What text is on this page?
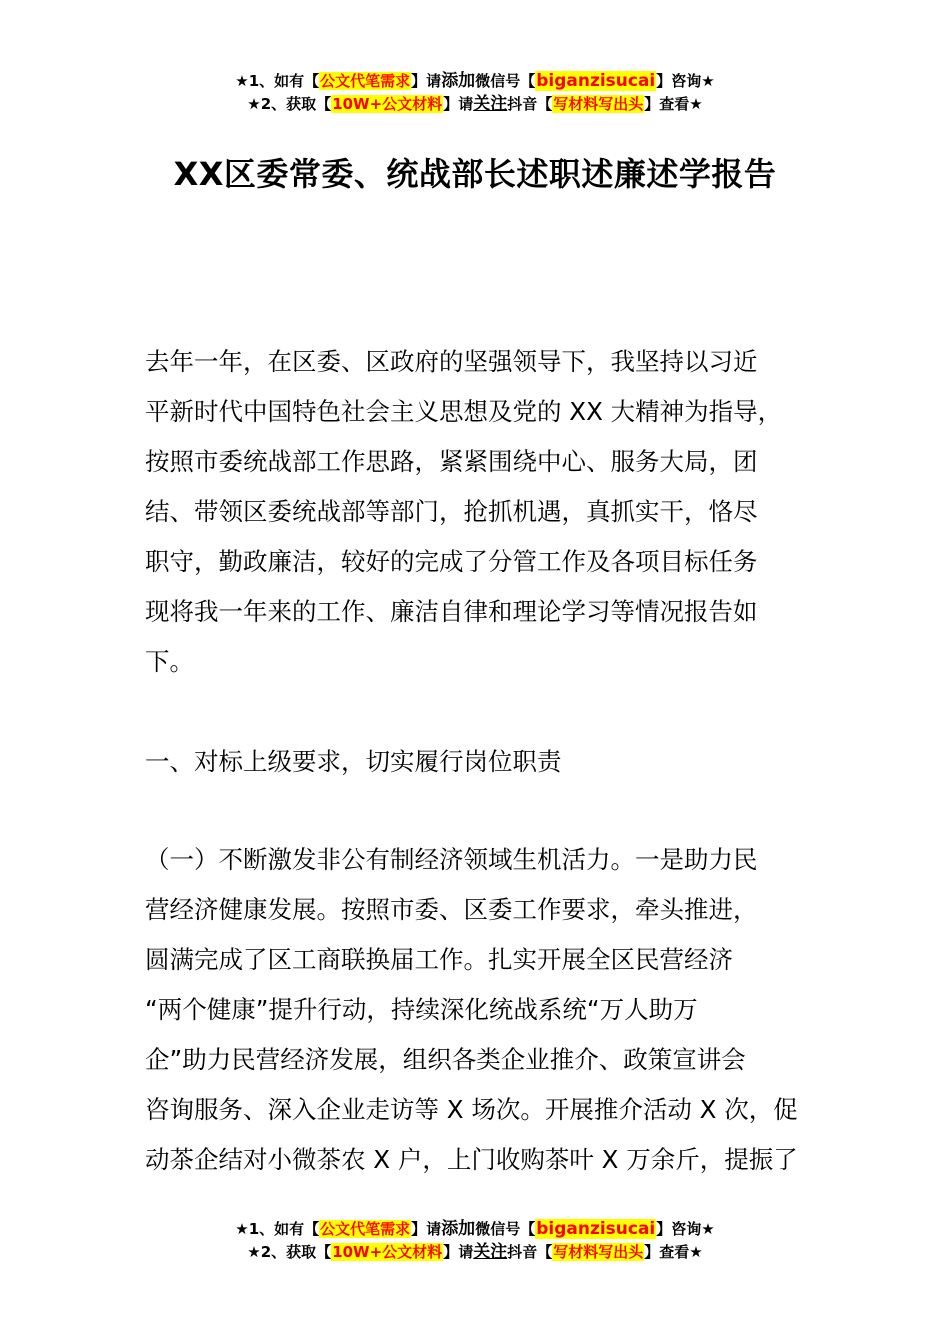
★1、如有【公文代笔需求】请添加微信号【biganzisucai】咨询★
★2、获取【10W+公文材料】请关注抖音【写材料写出头】查看★
XX区委常委、统战部长述职述廉述学报告
去年一年，在区委、区政府的坚强领导下，我坚持以习近
平新时代中国特色社会主义思想及党的 XX 大精神为指导，
按照市委统战部工作思路，紧紧围绕中心、服务大局，团
结、带领区委统战部等部门，抢抓机遇，真抓实干，恪尽
职守，勤政廉洁，较好的完成了分管工作及各项目标任务
现将我一年来的工作、廉洁自律和理论学习等情况报告如
下。
一、对标上级要求，切实履行岗位职责
（一）不断激发非公有制经济领域生机活力。一是助力民
营经济健康发展。按照市委、区委工作要求，牵头推进，
圆满完成了区工商联换届工作。扎实开展全区民营经济
“两个健康”提升行动，持续深化统战系统“万人助万
企”助力民营经济发展，组织各类企业推介、政策宣讲会
咨询服务、深入企业走访等 X 场次。开展推介活动 X 次，促
动茶企结对小微茶农 X 户，上门收购茶叶 X 万余斤，提振了
★1、如有【公文代笔需求】请添加微信号【biganzisucai】咨询★
★2、获取【10W+公文材料】请关注抖音【写材料写出头】查看★
